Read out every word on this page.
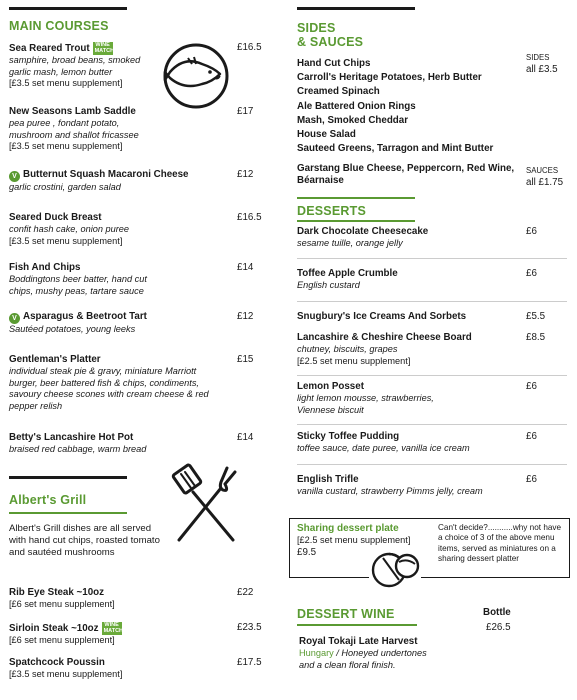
MAIN COURSES
Sea Reared Trout WINE MATCH
samphire, broad beans, smoked garlic mash, lemon butter
[£3.5 set menu supplement]
£16.5
New Seasons Lamb Saddle
pea puree , fondant potato, mushroom and shallot fricassee
[£3.5 set menu supplement]
£17
V Butternut Squash Macaroni Cheese
garlic crostini, garden salad
£12
Seared Duck Breast
confit hash cake, onion puree
[£3.5 set menu supplement]
£16.5
Fish And Chips
Boddingtons beer batter, hand cut chips, mushy peas, tartare sauce
£14
V Asparagus & Beetroot Tart
Sautéed potatoes, young leeks
£12
Gentleman's Platter
individual steak pie & gravy, miniature Marriott burger, beer battered fish & chips, condiments, savoury cheese scones with cream cheese & red pepper relish
£15
Betty's Lancashire Hot Pot
braised red cabbage, warm bread
£14
Albert's Grill
Albert's Grill dishes are all served with hand cut chips, roasted tomato and sautéed mushrooms
Rib Eye Steak ~10oz
[£6 set menu supplement]
£22
Sirloin Steak ~10oz WINE MATCH
[£6 set menu supplement]
£23.5
Spatchcock Poussin
[£3.5 set menu supplement]
£17.5
SIDES
& SAUCES
Hand Cut Chips
Carroll's Heritage Potatoes, Herb Butter
Creamed Spinach
Ale Battered Onion Rings
Mash, Smoked Cheddar
House Salad
Sauteed Greens, Tarragon and Mint Butter
SIDES
all £3.5
Garstang Blue Cheese, Peppercorn, Red Wine, Béarnaise
SAUCES
all £1.75
DESSERTS
Dark Chocolate Cheesecake
sesame tuille, orange jelly
£6
Toffee Apple Crumble
English custard
£6
Snugbury's Ice Creams And Sorbets	£5.5
Lancashire & Cheshire Cheese Board
chutney, biscuits, grapes
[£2.5 set menu supplement]
£8.5
Lemon Posset
light lemon mousse, strawberries, Viennese biscuit
£6
Sticky Toffee Pudding
toffee sauce, date puree, vanilla ice cream
£6
English Trifle
vanilla custard, strawberry Pimms jelly, cream
£6
Sharing dessert plate
[£2.5 set menu supplement]
£9.5
Can't decide?...........why not have a choice of 3 of the above menu items, served as miniatures on a sharing dessert platter
DESSERT WINE	Bottle
£26.5
Royal Tokaji Late Harvest
Hungary / Honeyed undertones
and a clean floral finish.
